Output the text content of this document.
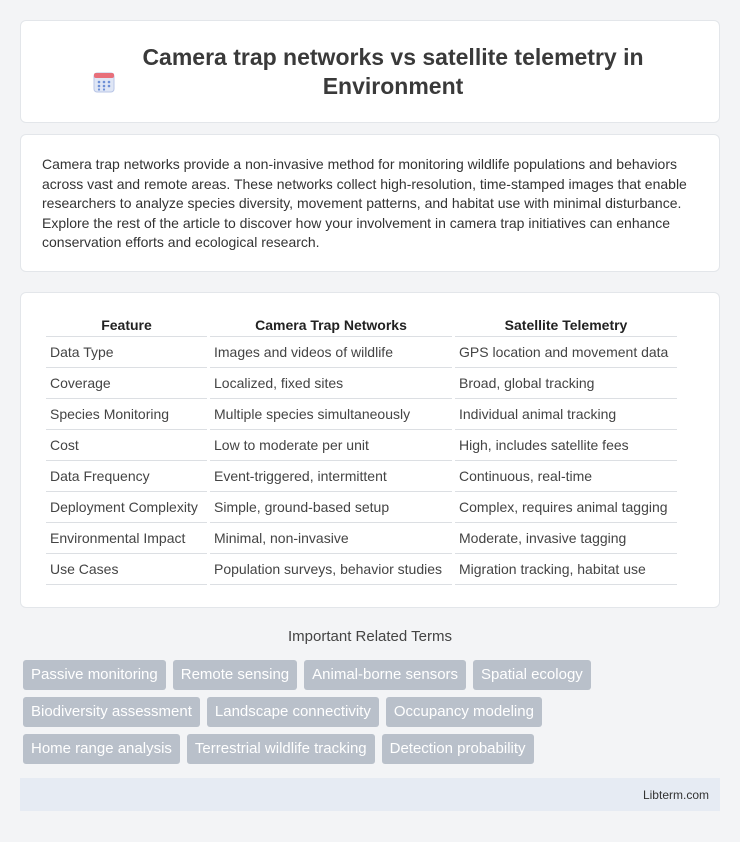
Camera trap networks vs satellite telemetry in Environment

Camera trap networks provide a non-invasive method for monitoring wildlife populations and behaviors across vast and remote areas. These networks collect high-resolution, time-stamped images that enable researchers to analyze species diversity, movement patterns, and habitat use with minimal disturbance. Explore the rest of the article to discover how your involvement in camera trap initiatives can enhance conservation efforts and ecological research.

Feature	Camera Trap Networks	Satellite Telemetry
Data Type	Images and videos of wildlife	GPS location and movement data
Coverage	Localized, fixed sites	Broad, global tracking
Species Monitoring	Multiple species simultaneously	Individual animal tracking
Cost	Low to moderate per unit	High, includes satellite fees
Data Frequency	Event-triggered, intermittent	Continuous, real-time
Deployment Complexity	Simple, ground-based setup	Complex, requires animal tagging
Environmental Impact	Minimal, non-invasive	Moderate, invasive tagging
Use Cases	Population surveys, behavior studies	Migration tracking, habitat use
Important Related Terms
Passive monitoring	Remote sensing	Animal-borne sensors	Spatial ecology
Biodiversity assessment	Landscape connectivity	Occupancy modeling
Home range analysis	Terrestrial wildlife tracking	Detection probability
Libterm.com
